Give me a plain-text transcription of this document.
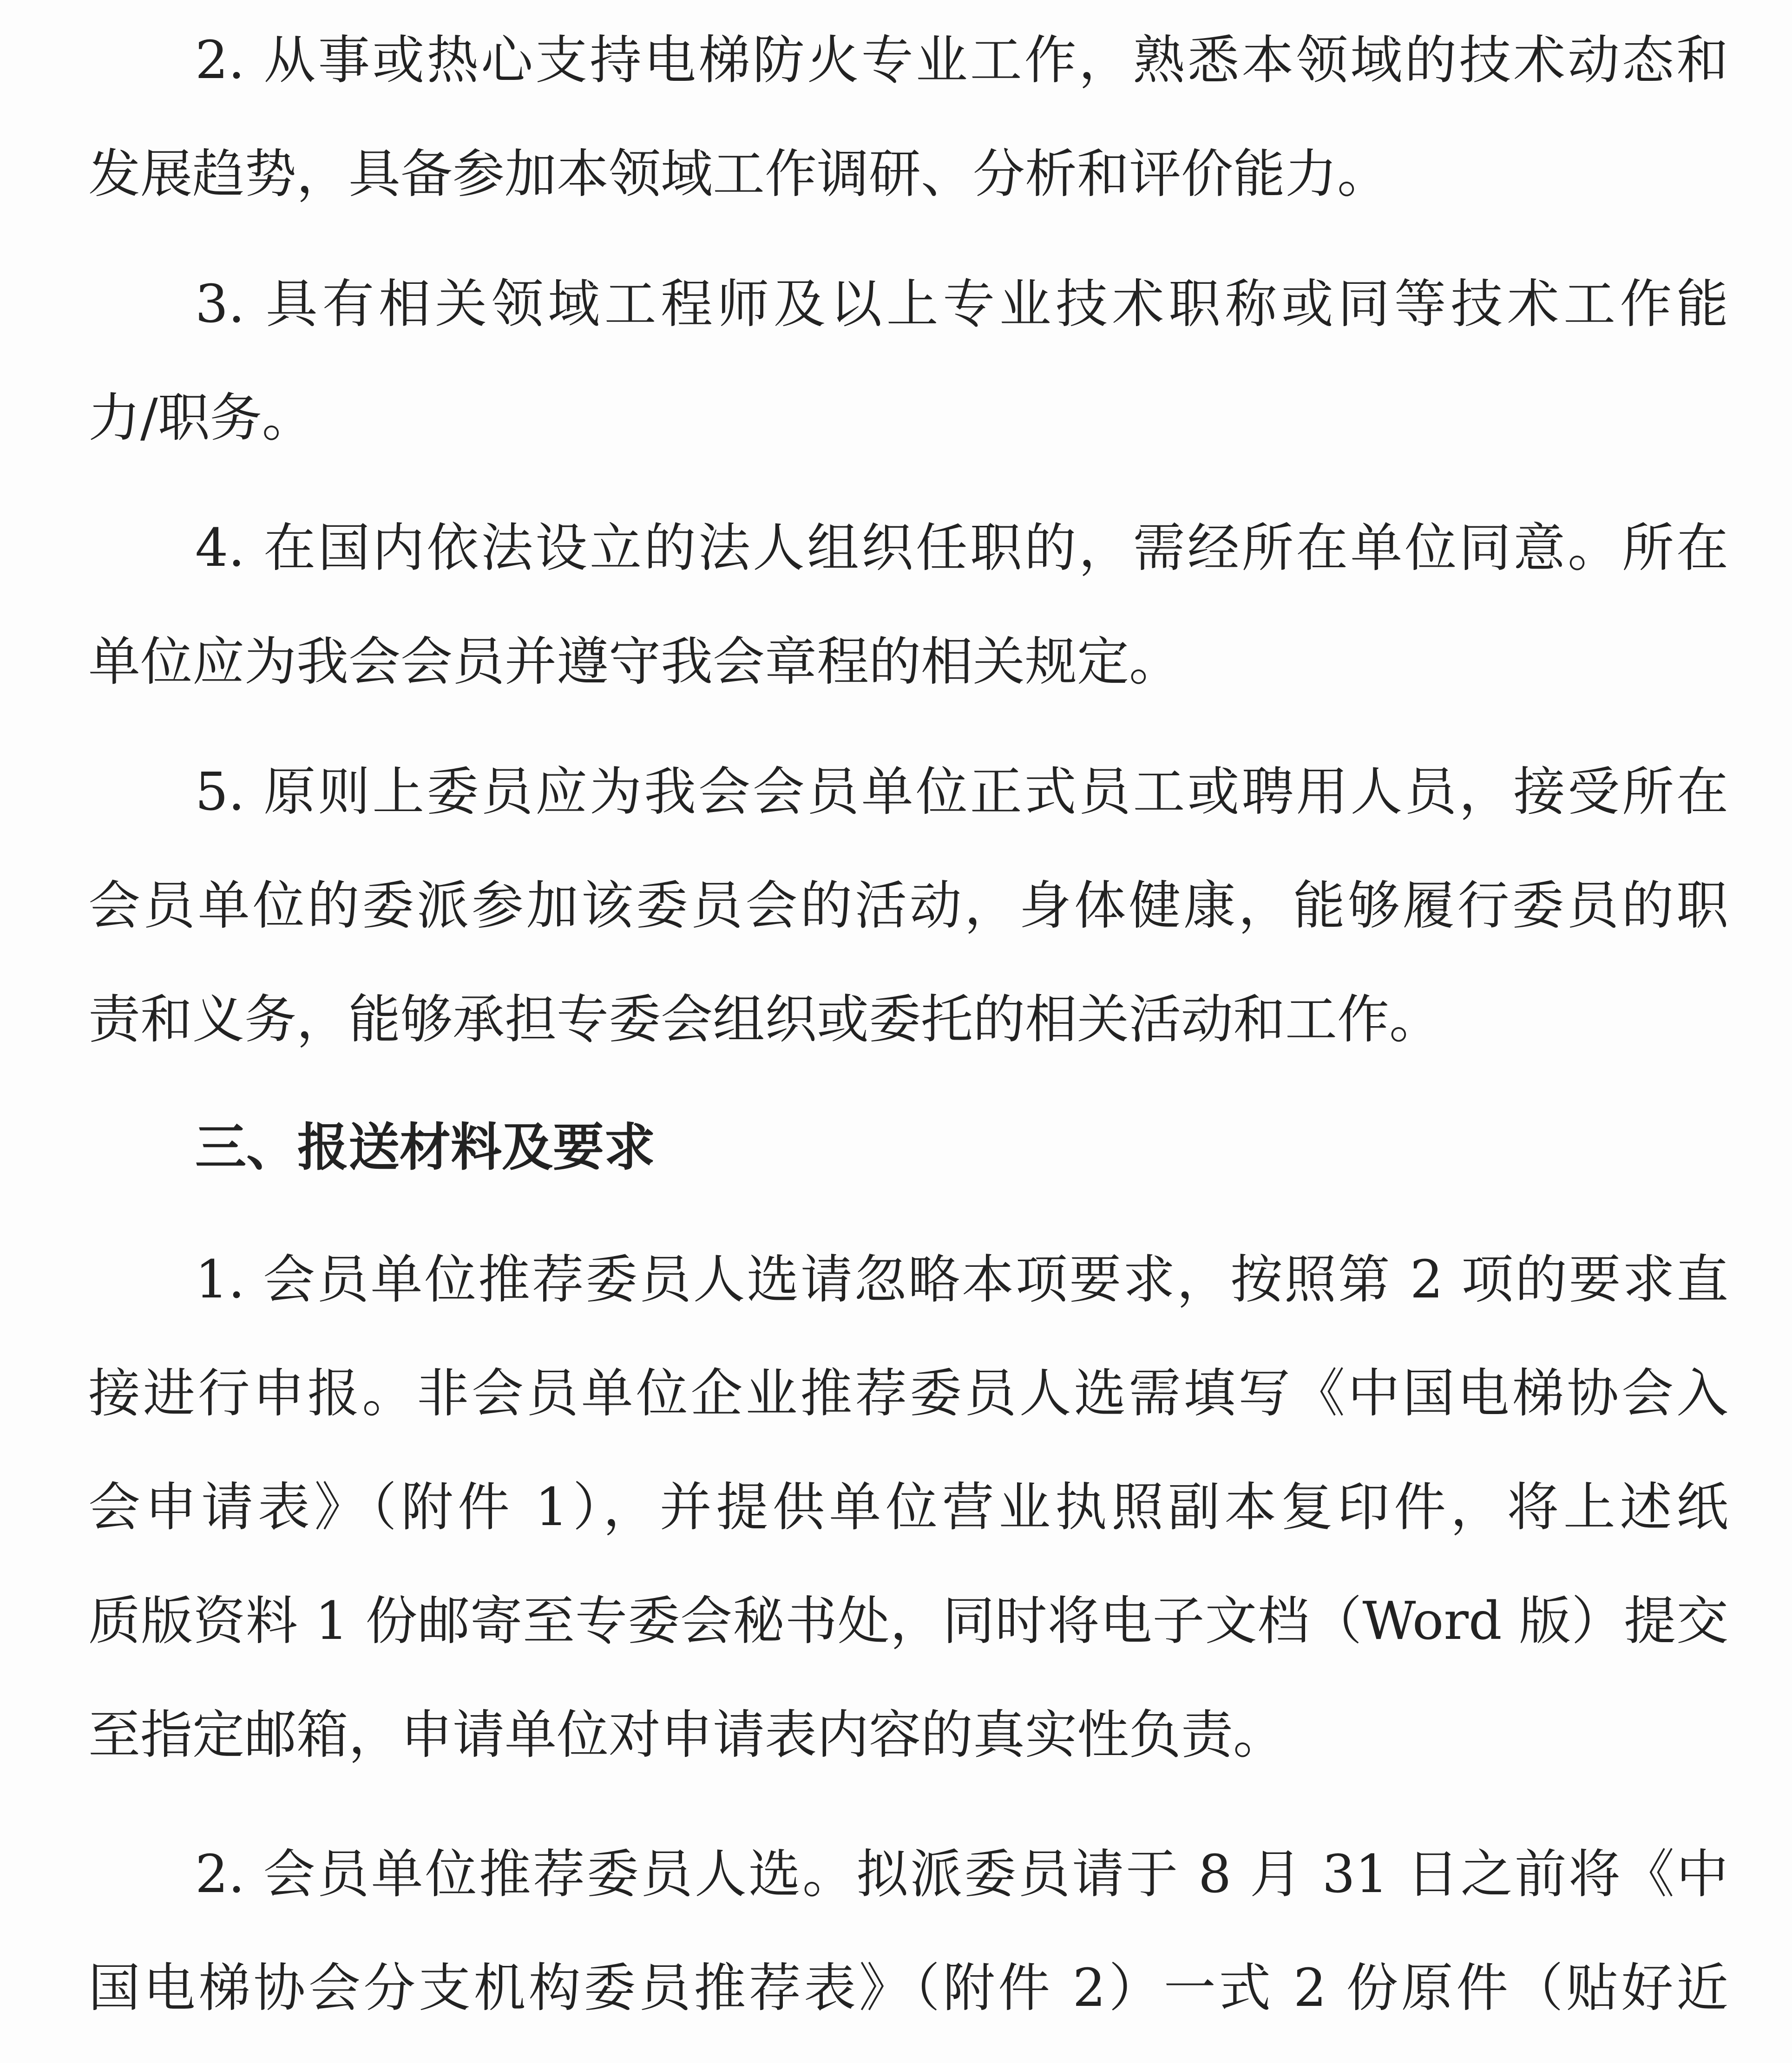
2. 从事或热心支持电梯防火专业工作，熟悉本领域的技术动态和
发展趋势，具备参加本领域工作调研、分析和评价能力。
3. 具有相关领域工程师及以上专业技术职称或同等技术工作能
力/职务。
4. 在国内依法设立的法人组织任职的，需经所在单位同意。所在
单位应为我会会员并遵守我会章程的相关规定。
5. 原则上委员应为我会会员单位正式员工或聘用人员，接受所在
会员单位的委派参加该委员会的活动，身体健康，能够履行委员的职
责和义务，能够承担专委会组织或委托的相关活动和工作。
三、报送材料及要求
1. 会员单位推荐委员人选请忽略本项要求，按照第 2 项的要求直
接进行申报。非会员单位企业推荐委员人选需填写《中国电梯协会入
会申请表》（附件 1），并提供单位营业执照副本复印件，将上述纸
质版资料 1 份邮寄至专委会秘书处，同时将电子文档（Word 版）提交
至指定邮箱，申请单位对申请表内容的真实性负责。
2. 会员单位推荐委员人选。拟派委员请于 8 月 31 日之前将《中
国电梯协会分支机构委员推荐表》（附件 2）一式 2 份原件（贴好近
